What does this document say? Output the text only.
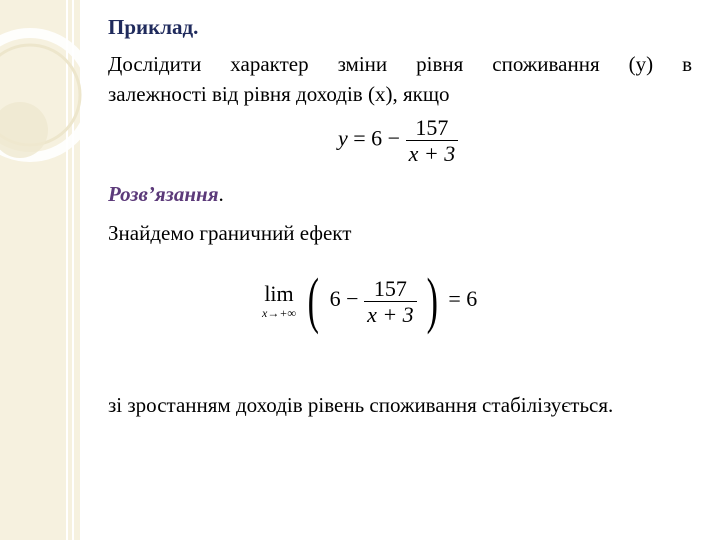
Приклад.
Дослідити характер зміни рівня споживання (y) в
залежності від рівня доходів (x), якщо
$y = 6 - \frac{157}{x + 3}$
Розв’язання.
Знайдемо граничний ефект
lim
x→+∞ ( $6 - \frac{157}{x + 3}$ ) = 6
зі зростанням доходів рівень споживання стабілізується.
